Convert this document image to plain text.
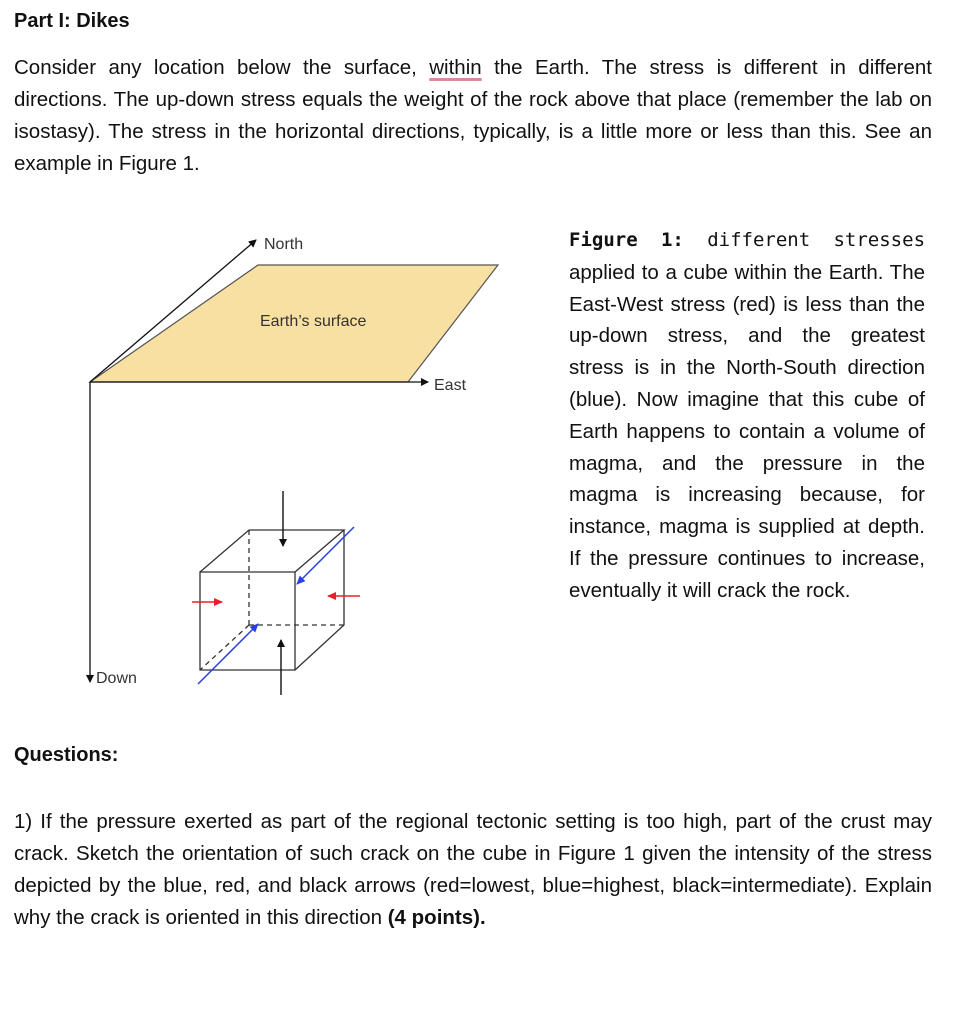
Part I: Dikes
Consider any location below the surface, within the Earth. The stress is different in different directions. The up-down stress equals the weight of the rock above that place (remember the lab on isostasy). The stress in the horizontal directions, typically, is a little more or less than this. See an example in Figure 1.
North
Earth’s surface
East
Down
Figure 1: different stresses applied to a cube within the Earth. The East-West stress (red) is less than the up-down stress, and the greatest stress is in the North-South direction (blue). Now imagine that this cube of Earth happens to contain a volume of magma, and the pressure in the magma is increasing because, for instance, magma is supplied at depth. If the pressure continues to increase, eventually it will crack the rock.
Questions:
1) If the pressure exerted as part of the regional tectonic setting is too high, part of the crust may crack. Sketch the orientation of such crack on the cube in Figure 1 given the intensity of the stress depicted by the blue, red, and black arrows (red=lowest, blue=highest, black=intermediate). Explain why the crack is oriented in this direction (4 points).
